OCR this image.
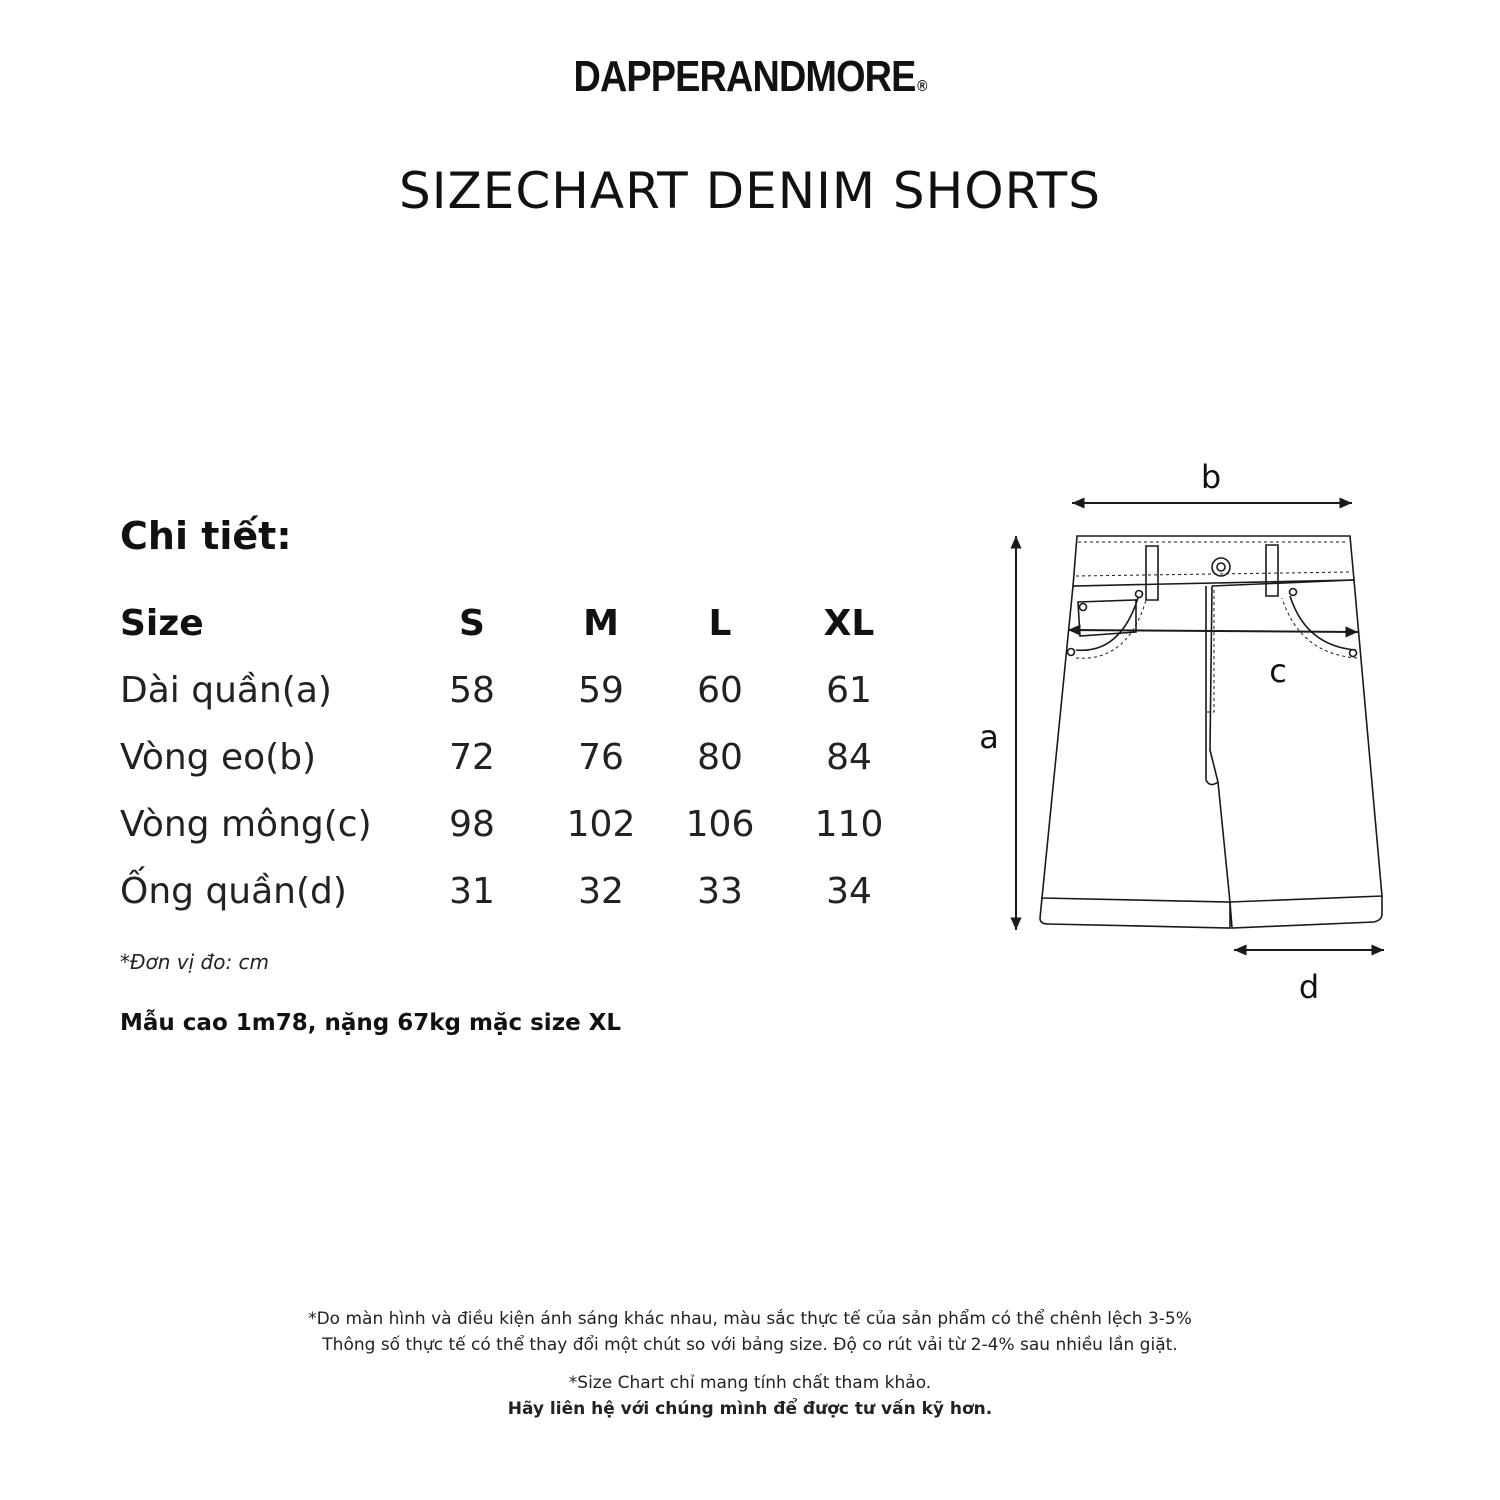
DAPPERANDMORE ®
SIZECHART DENIM SHORTS
Chi tiết:
Size	S	M	L	XL
Dài quần(a)	58	59	60	61
Vòng eo(b)	72	76	80	84
Vòng mông(c)	98	102	106	110
Ống quần(d)	31	32	33	34
*Đơn vị đo: cm
Mẫu cao 1m78, nặng 67kg mặc size XL
b
c
a
d
*Do màn hình và điều kiện ánh sáng khác nhau, màu sắc thực tế của sản phẩm có thể chênh lệch 3-5%
Thông số thực tế có thể thay đổi một chút so với bảng size. Độ co rút vải từ 2-4% sau nhiều lần giặt.
*Size Chart chỉ mang tính chất tham khảo.
Hãy liên hệ với chúng mình để được tư vấn kỹ hơn.
